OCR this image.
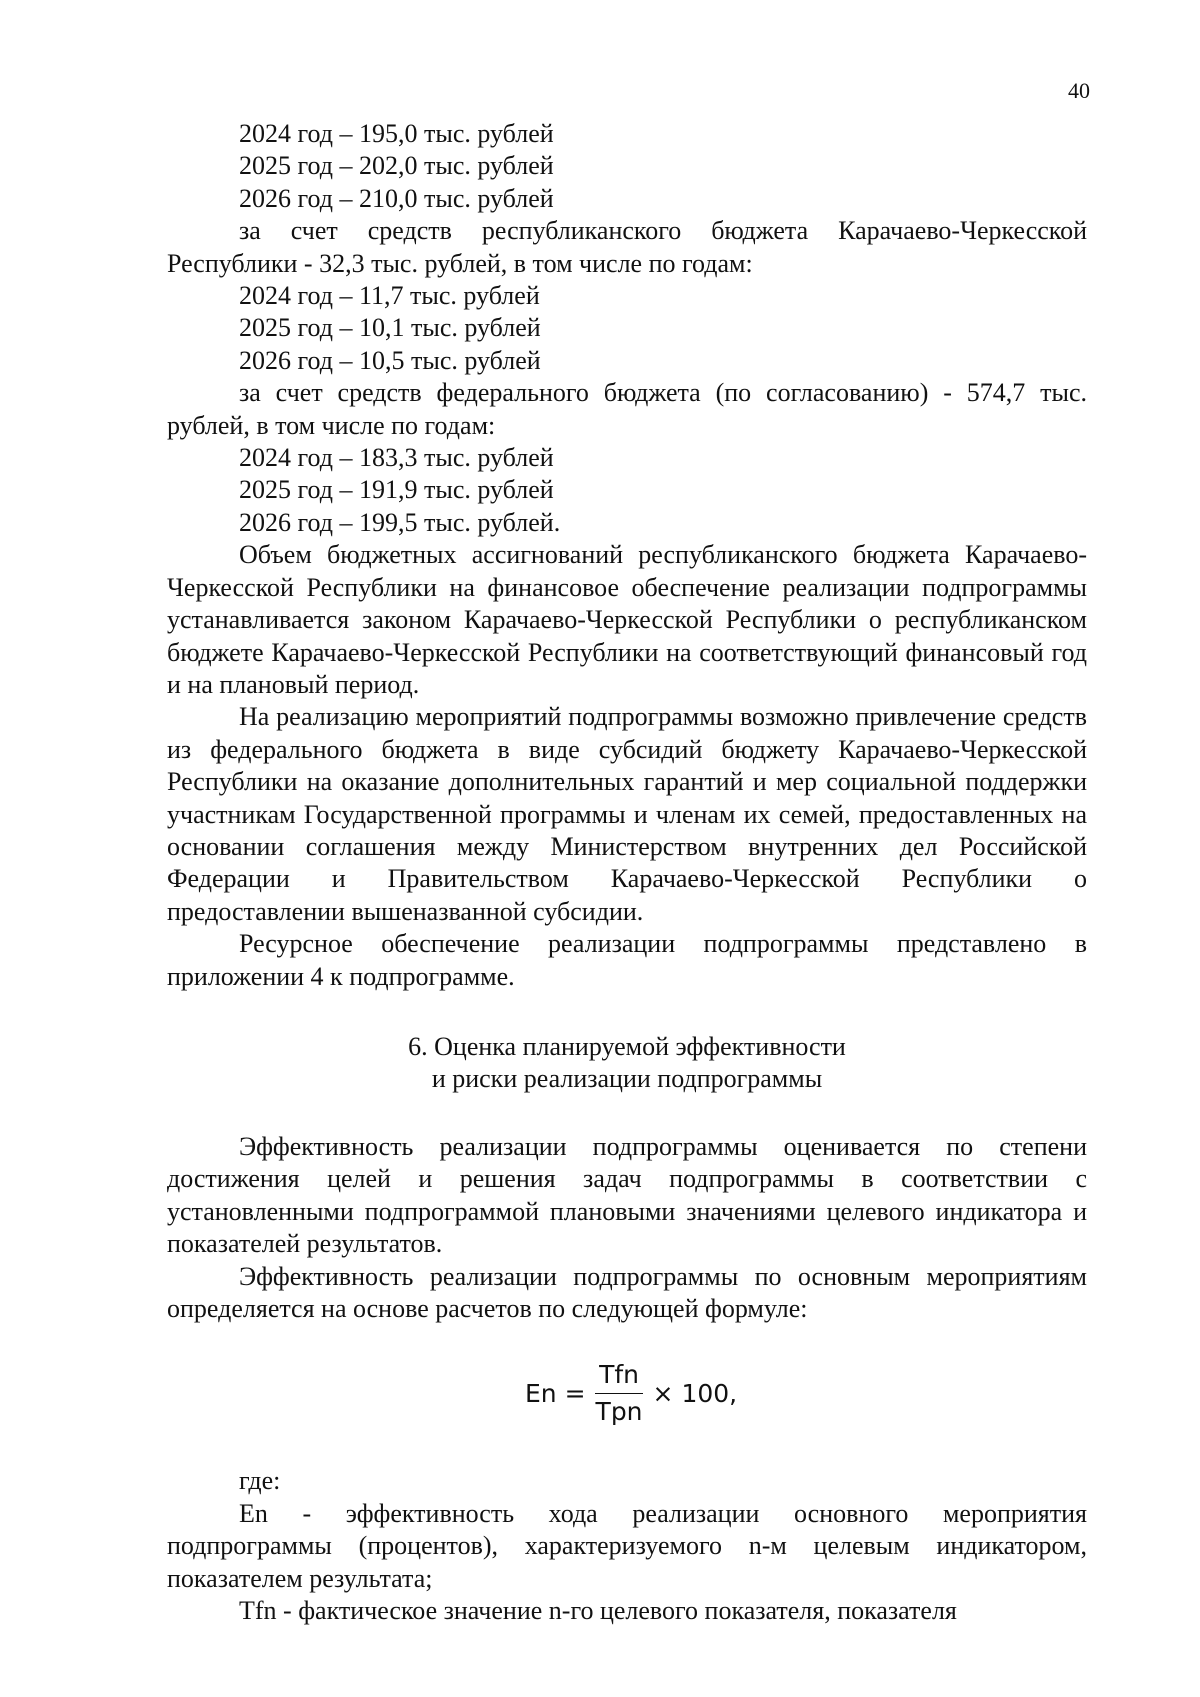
40

2024 год – 195,0 тыс. рублей

2025 год – 202,0 тыс. рублей

2026 год – 210,0 тыс. рублей

за счет средств республиканского бюджета Карачаево-Черкесской Республики - 32,3 тыс. рублей, в том числе по годам:

2024 год – 11,7 тыс. рублей

2025 год – 10,1 тыс. рублей

2026 год – 10,5 тыс. рублей

за счет средств федерального бюджета (по согласованию) - 574,7 тыс. рублей, в том числе по годам:

2024 год – 183,3 тыс. рублей

2025 год – 191,9 тыс. рублей

2026 год – 199,5 тыс. рублей.

Объем бюджетных ассигнований республиканского бюджета Карачаево-Черкесской Республики на финансовое обеспечение реализации подпрограммы устанавливается законом Карачаево-Черкесской Республики о республиканском бюджете Карачаево-Черкесской Республики на соответствующий финансовый год и на плановый период.

На реализацию мероприятий подпрограммы возможно привлечение средств из федерального бюджета в виде субсидий бюджету Карачаево-Черкесской Республики на оказание дополнительных гарантий и мер социальной поддержки участникам Государственной программы и членам их семей, предоставленных на основании соглашения между Министерством внутренних дел Российской Федерации и Правительством Карачаево-Черкесской Республики о предоставлении вышеназванной субсидии.

Ресурсное обеспечение реализации подпрограммы представлено в приложении 4 к подпрограмме.

6. Оценка планируемой эффективности
и риски реализации подпрограммы

Эффективность реализации подпрограммы оценивается по степени достижения целей и решения задач подпрограммы в соответствии с установленными подпрограммой плановыми значениями целевого индикатора и показателей результатов.

Эффективность реализации подпрограммы по основным мероприятиям определяется на основе расчетов по следующей формуле:

$En = \frac{\text{Tfn}}{\text{Tpn}} \times 100$,

где:

En - эффективность хода реализации основного мероприятия подпрограммы (процентов), характеризуемого n-м целевым индикатором, показателем результата;

Tfn - фактическое значение n-го целевого показателя, показателя
